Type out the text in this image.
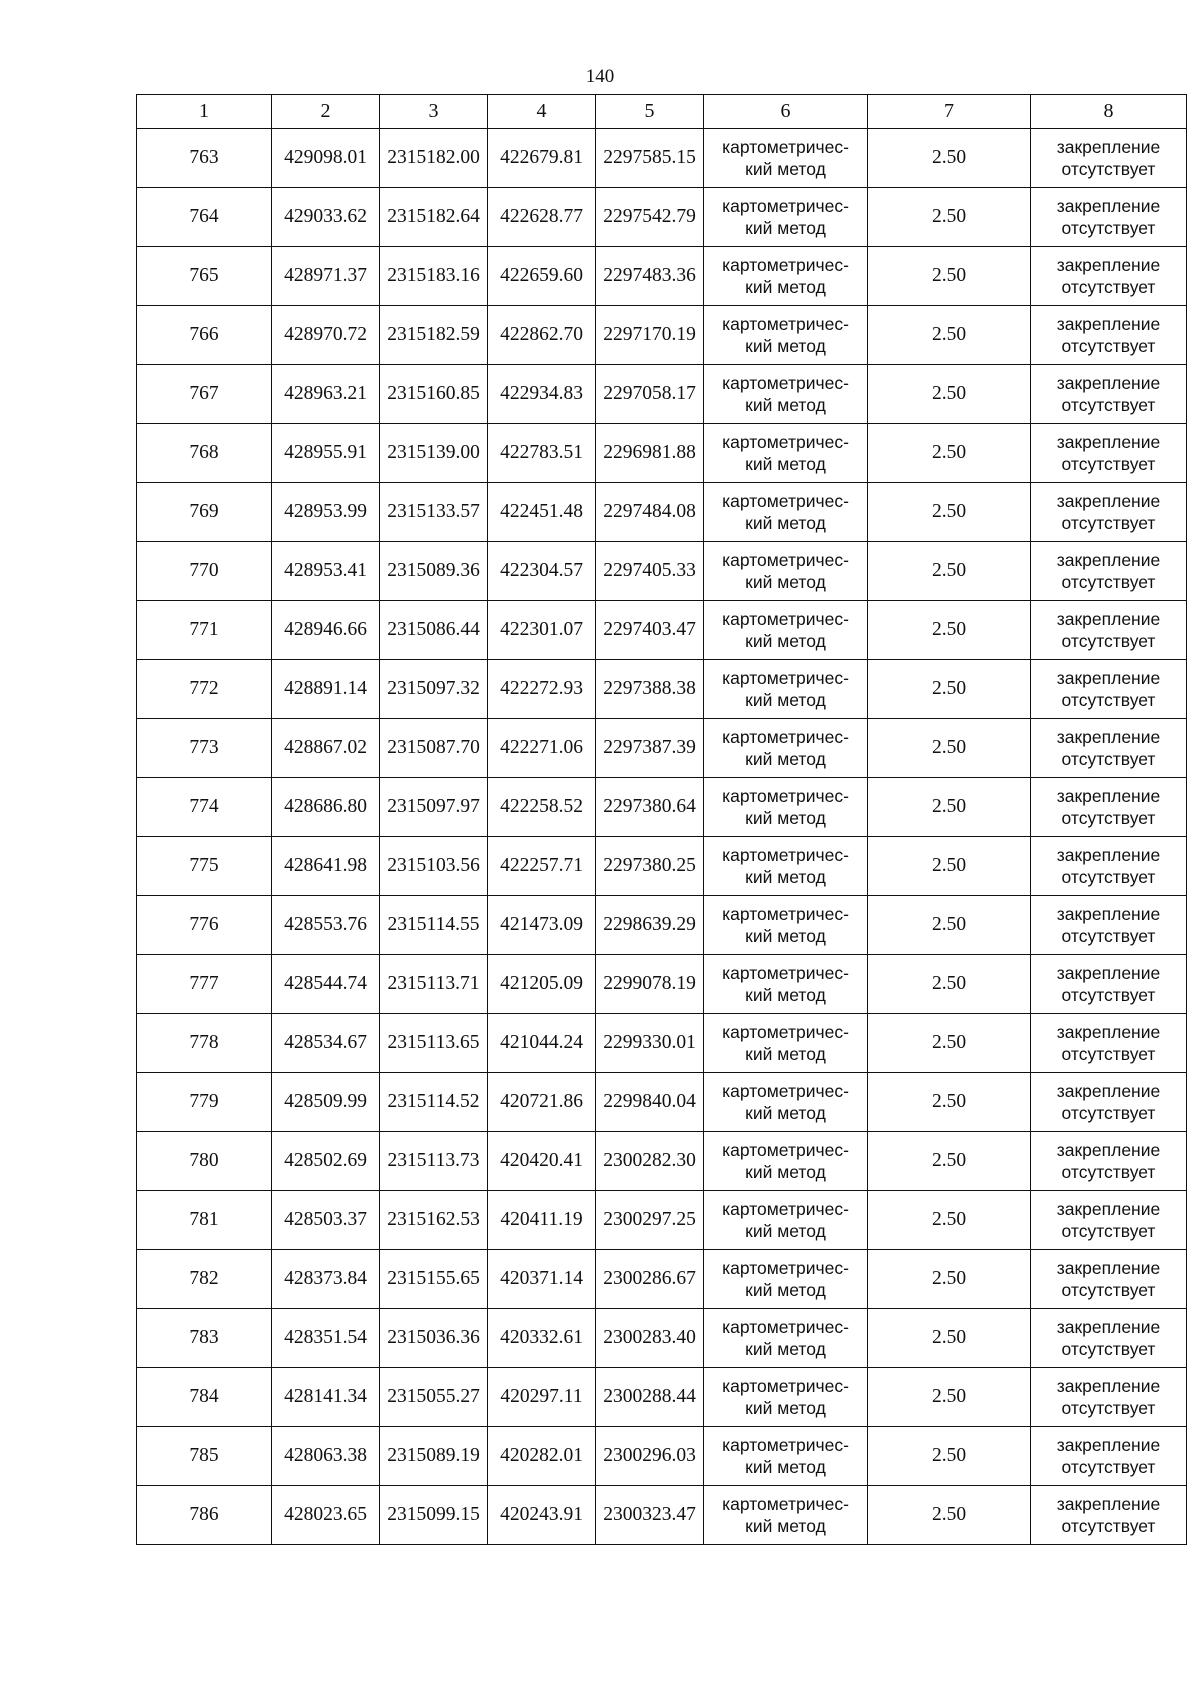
140
1	2	3	4	5	6	7	8
763	429098.01	2315182.00	422679.81	2297585.15	картометричес-
кий метод	2.50	закрепление
отсутствует

764	429033.62	2315182.64	422628.77	2297542.79	картометричес-
кий метод	2.50	закрепление
отсутствует

765	428971.37	2315183.16	422659.60	2297483.36	картометричес-
кий метод	2.50	закрепление
отсутствует

766	428970.72	2315182.59	422862.70	2297170.19	картометричес-
кий метод	2.50	закрепление
отсутствует

767	428963.21	2315160.85	422934.83	2297058.17	картометричес-
кий метод	2.50	закрепление
отсутствует

768	428955.91	2315139.00	422783.51	2296981.88	картометричес-
кий метод	2.50	закрепление
отсутствует

769	428953.99	2315133.57	422451.48	2297484.08	картометричес-
кий метод	2.50	закрепление
отсутствует

770	428953.41	2315089.36	422304.57	2297405.33	картометричес-
кий метод	2.50	закрепление
отсутствует

771	428946.66	2315086.44	422301.07	2297403.47	картометричес-
кий метод	2.50	закрепление
отсутствует

772	428891.14	2315097.32	422272.93	2297388.38	картометричес-
кий метод	2.50	закрепление
отсутствует

773	428867.02	2315087.70	422271.06	2297387.39	картометричес-
кий метод	2.50	закрепление
отсутствует

774	428686.80	2315097.97	422258.52	2297380.64	картометричес-
кий метод	2.50	закрепление
отсутствует

775	428641.98	2315103.56	422257.71	2297380.25	картометричес-
кий метод	2.50	закрепление
отсутствует

776	428553.76	2315114.55	421473.09	2298639.29	картометричес-
кий метод	2.50	закрепление
отсутствует

777	428544.74	2315113.71	421205.09	2299078.19	картометричес-
кий метод	2.50	закрепление
отсутствует

778	428534.67	2315113.65	421044.24	2299330.01	картометричес-
кий метод	2.50	закрепление
отсутствует

779	428509.99	2315114.52	420721.86	2299840.04	картометричес-
кий метод	2.50	закрепление
отсутствует

780	428502.69	2315113.73	420420.41	2300282.30	картометричес-
кий метод	2.50	закрепление
отсутствует

781	428503.37	2315162.53	420411.19	2300297.25	картометричес-
кий метод	2.50	закрепление
отсутствует

782	428373.84	2315155.65	420371.14	2300286.67	картометричес-
кий метод	2.50	закрепление
отсутствует

783	428351.54	2315036.36	420332.61	2300283.40	картометричес-
кий метод	2.50	закрепление
отсутствует

784	428141.34	2315055.27	420297.11	2300288.44	картометричес-
кий метод	2.50	закрепление
отсутствует

785	428063.38	2315089.19	420282.01	2300296.03	картометричес-
кий метод	2.50	закрепление
отсутствует

786	428023.65	2315099.15	420243.91	2300323.47	картометричес-
кий метод	2.50	закрепление
отсутствует
